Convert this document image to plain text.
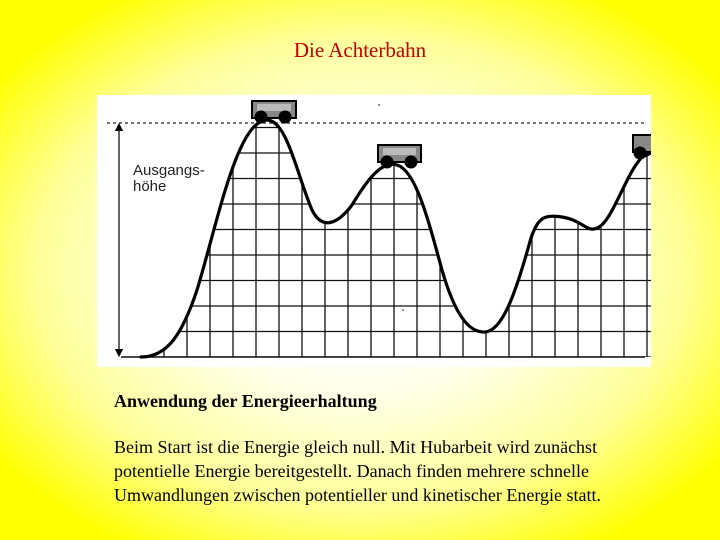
Die Achterbahn
Ausgangs-
höhe
Anwendung der Energieerhaltung
Beim Start ist die Energie gleich null. Mit Hubarbeit wird zunächst
potentielle Energie bereitgestellt. Danach finden mehrere schnelle
Umwandlungen zwischen potentieller und kinetischer Energie statt.
